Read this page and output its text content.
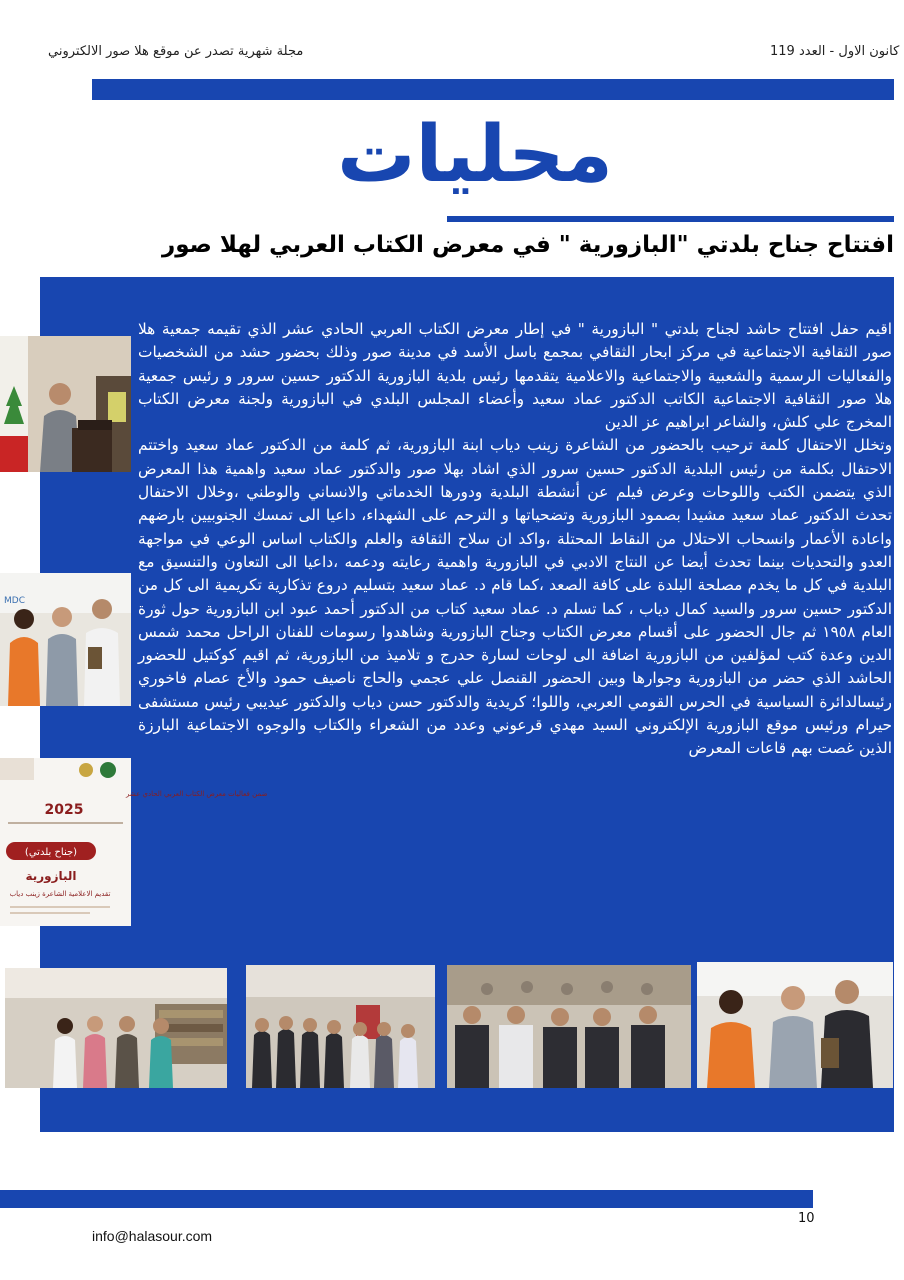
كانون الاول - العدد 119
مجلة شهرية تصدر عن موقع هلا صور الالكتروني
محليات
افتتاح جناح بلدتي "البازورية " في معرض الكتاب العربي لهلا صور

اقيم حفل افتتاح حاشد لجناح بلدتي " البازورية " في إطار معرض الكتاب العربي الحادي عشر الذي تقيمه جمعية هلا صور الثقافية الاجتماعية في مركز ابحار الثقافي بمجمع باسل الأسد في مدينة صور وذلك بحضور حشد من الشخصيات والفعاليات الرسمية والشعبية والاجتماعية والاعلامية يتقدمها رئيس بلدية البازورية الدكتور حسين سرور و رئيس جمعية هلا صور الثقافية الاجتماعية الكاتب الدكتور عماد سعيد وأعضاء المجلس البلدي في البازورية ولجنة معرض الكتاب المخرج علي كلش، والشاعر ابراهيم عز الدين

وتخلل الاحتفال كلمة ترحيب بالحضور من الشاعرة زينب دياب ابنة البازورية، ثم كلمة من الدكتور عماد سعيد واختتم الاحتفال بكلمة من رئيس البلدية الدكتور حسين سرور الذي اشاد بهلا صور والدكتور عماد سعيد واهمية هذا المعرض الذي يتضمن الكتب واللوحات وعرض فيلم عن أنشطة البلدية ودورها الخدماتي والانساني والوطني ،وخلال الاحتفال تحدث الدكتور عماد سعيد مشيدا بصمود البازورية وتضحياتها و الترحم على الشهداء، داعيا الى تمسك الجنوبيين بارضهم واعادة الأعمار وانسحاب الاحتلال من النقاط المحتلة ،واكد ان سلاح الثقافة والعلم والكتاب اساس الوعي في مواجهة العدو والتحديات بينما تحدث أيضا عن النتاج الادبي في البازورية واهمية رعايته ودعمه ،داعيا الى التعاون والتنسيق مع البلدية في كل ما يخدم مصلحة البلدة على كافة الصعد ،كما قام د. عماد سعيد بتسليم دروع تذكارية تكريمية الى كل من الدكتور حسين سرور والسيد كمال دياب ، كما تسلم د. عماد سعيد كتاب من الدكتور أحمد عبود ابن البازورية حول ثورة العام ١٩٥٨ ثم جال الحضور على أقسام معرض الكتاب وجناح البازورية وشاهدوا رسومات للفنان الراحل محمد شمس الدين وعدة كتب لمؤلفين من البازورية اضافة الى لوحات لسارة حدرج و تلاميذ من البازورية، ثم اقيم كوكتيل للحضور الحاشد الذي حضر من البازورية وجوارها وبين الحضور القنصل علي عجمي والحاج ناصيف حمود والأخ عصام فاخوري رئيسالدائرة السياسية في الحرس القومي العربي، واللوا؛ كريدية والدكتور حسن دياب والدكتور عيديبي رئيس مستشفى حيرام ورئيس موقع البازورية الإلكتروني السيد مهدي قرعوني وعدد من الشعراء والكتاب والوجوه الاجتماعية البارزة الذين غصت بهم قاعات المعرض

MDC
ضمن فعاليات معرض الكتاب العربي الحادي عشر
2025
(جناح بلدتي)
البازورية
تقديم الاعلامية الشاعرة زينب دياب
10
info@halasour.com
